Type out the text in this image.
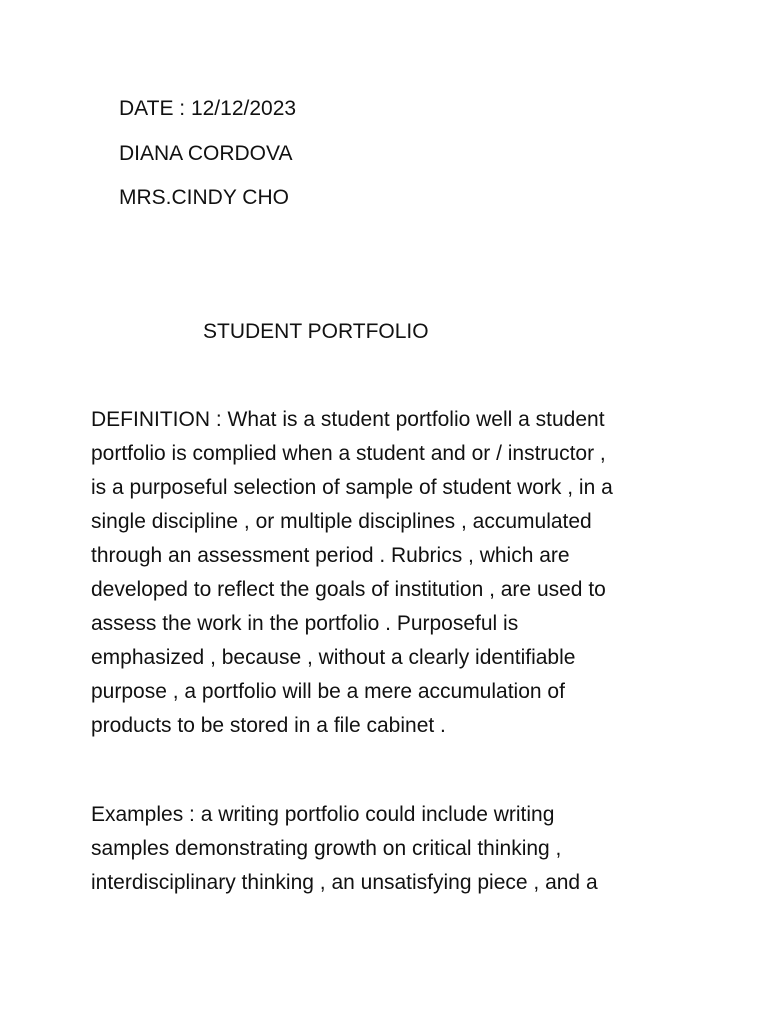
DATE : 12/12/2023
DIANA CORDOVA
MRS.CINDY CHO
STUDENT PORTFOLIO
DEFINITION : What is a student portfolio well a student
portfolio is complied when a student and or / instructor ,
is a purposeful selection of sample of student work , in a
single discipline , or multiple disciplines , accumulated
through an assessment period . Rubrics , which are
developed to reflect the goals of institution , are used to
assess the work in the portfolio . Purposeful is
emphasized , because , without a clearly identifiable
purpose , a portfolio will be a mere accumulation of
products to be stored in a file cabinet .
Examples : a writing portfolio could include writing
samples demonstrating growth on critical thinking ,
interdisciplinary thinking , an unsatisfying piece , and a
